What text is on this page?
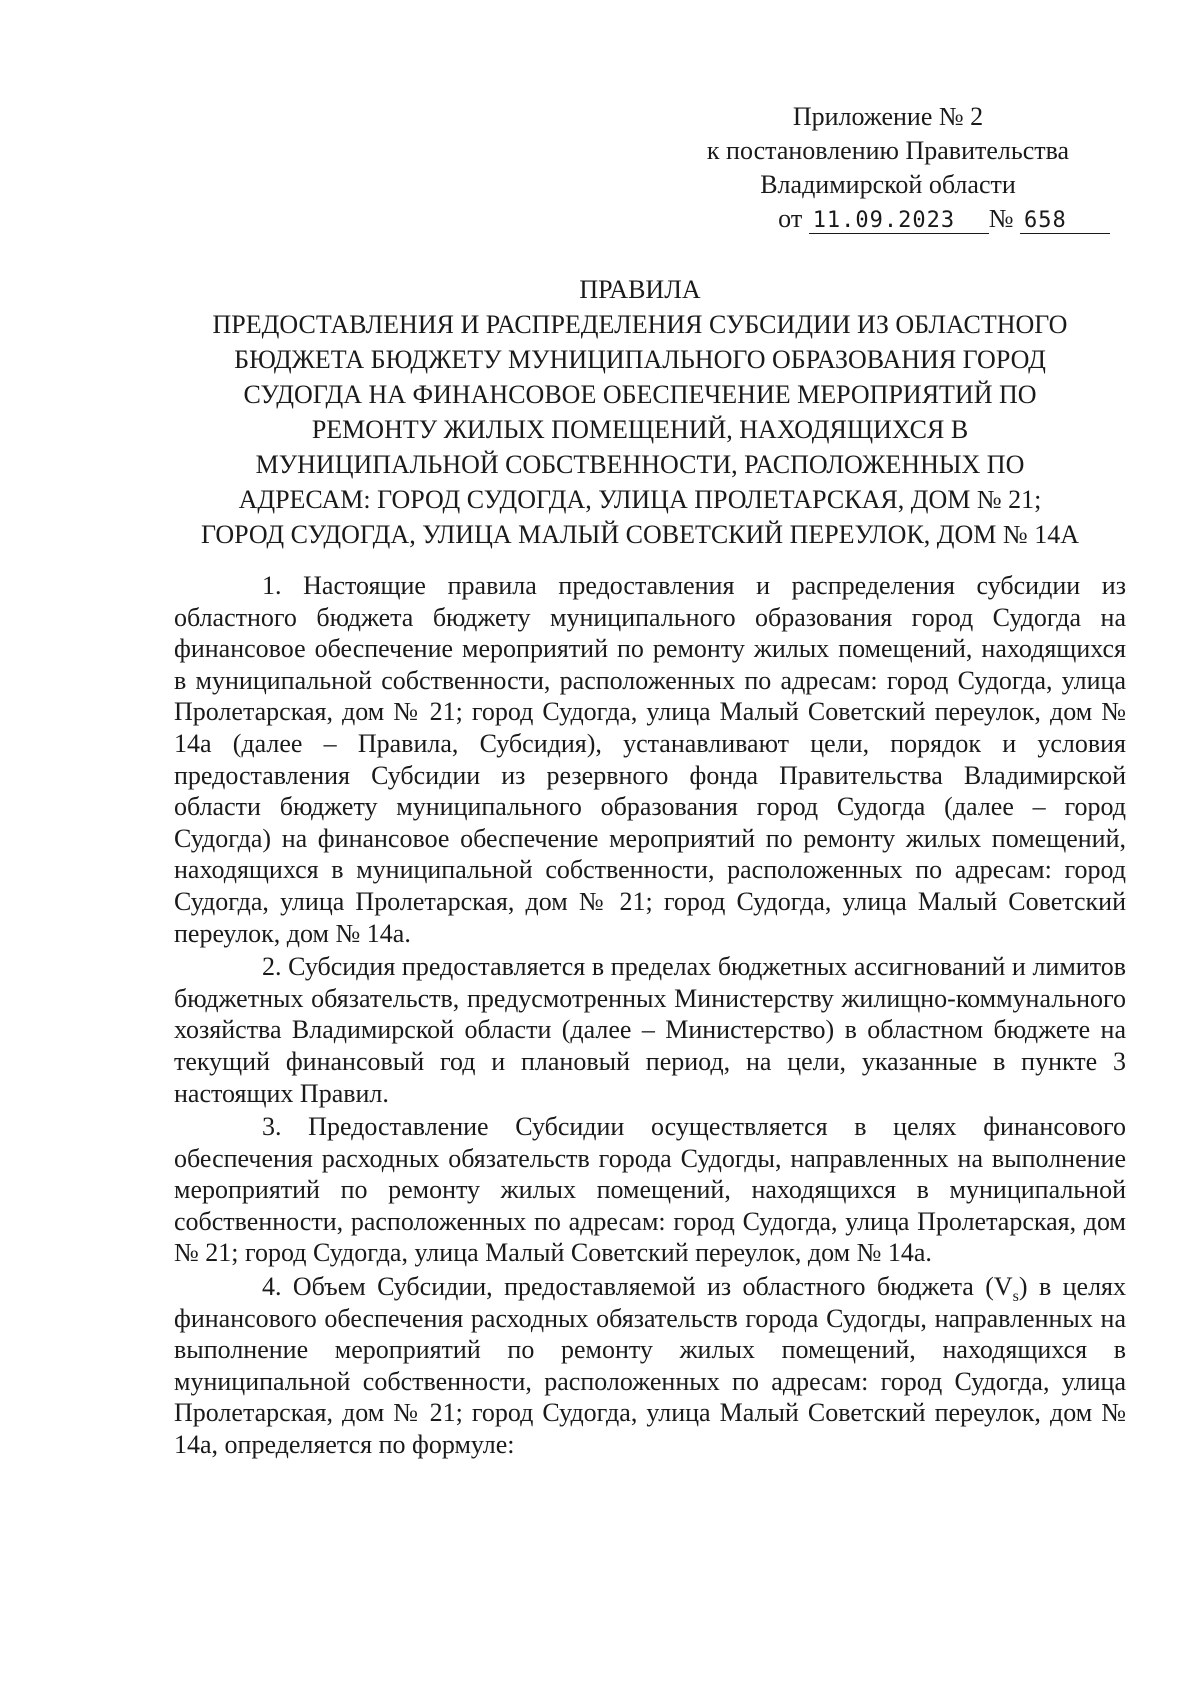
Приложение № 2
к постановлению Правительства
Владимирской области
от 11.09.2023 № 658
ПРАВИЛА
ПРЕДОСТАВЛЕНИЯ И РАСПРЕДЕЛЕНИЯ СУБСИДИИ ИЗ ОБЛАСТНОГО
БЮДЖЕТА БЮДЖЕТУ МУНИЦИПАЛЬНОГО ОБРАЗОВАНИЯ ГОРОД
СУДОГДА НА ФИНАНСОВОЕ ОБЕСПЕЧЕНИЕ МЕРОПРИЯТИЙ ПО
РЕМОНТУ ЖИЛЫХ ПОМЕЩЕНИЙ, НАХОДЯЩИХСЯ В
МУНИЦИПАЛЬНОЙ СОБСТВЕННОСТИ, РАСПОЛОЖЕННЫХ ПО
АДРЕСАМ: ГОРОД СУДОГДА, УЛИЦА ПРОЛЕТАРСКАЯ, ДОМ № 21;
ГОРОД СУДОГДА, УЛИЦА МАЛЫЙ СОВЕТСКИЙ ПЕРЕУЛОК, ДОМ № 14А

1. Настоящие правила предоставления и распределения субсидии из областного бюджета бюджету муниципального образования город Судогда на финансовое обеспечение мероприятий по ремонту жилых помещений, находящихся в муниципальной собственности, расположенных по адресам: город Судогда, улица Пролетарская, дом № 21; город Судогда, улица Малый Советский переулок, дом № 14а (далее – Правила, Субсидия), устанавливают цели, порядок и условия предоставления Субсидии из резервного фонда Правительства Владимирской области бюджету муниципального образования город Судогда (далее – город Судогда) на финансовое обеспечение мероприятий по ремонту жилых помещений, находящихся в муниципальной собственности, расположенных по адресам: город Судогда, улица Пролетарская, дом № 21; город Судогда, улица Малый Советский переулок, дом № 14а.

2. Субсидия предоставляется в пределах бюджетных ассигнований и лимитов бюджетных обязательств, предусмотренных Министерству жилищно-коммунального хозяйства Владимирской области (далее – Министерство) в областном бюджете на текущий финансовый год и плановый период, на цели, указанные в пункте 3 настоящих Правил.

3. Предоставление Субсидии осуществляется в целях финансового обеспечения расходных обязательств города Судогды, направленных на выполнение мероприятий по ремонту жилых помещений, находящихся в муниципальной собственности, расположенных по адресам: город Судогда, улица Пролетарская, дом № 21; город Судогда, улица Малый Советский переулок, дом № 14а.

4. Объем Субсидии, предоставляемой из областного бюджета $(V_s)$ в целях финансового обеспечения расходных обязательств города Судогды, направленных на выполнение мероприятий по ремонту жилых помещений, находящихся в муниципальной собственности, расположенных по адресам: город Судогда, улица Пролетарская, дом № 21; город Судогда, улица Малый Советский переулок, дом № 14а, определяется по формуле:
